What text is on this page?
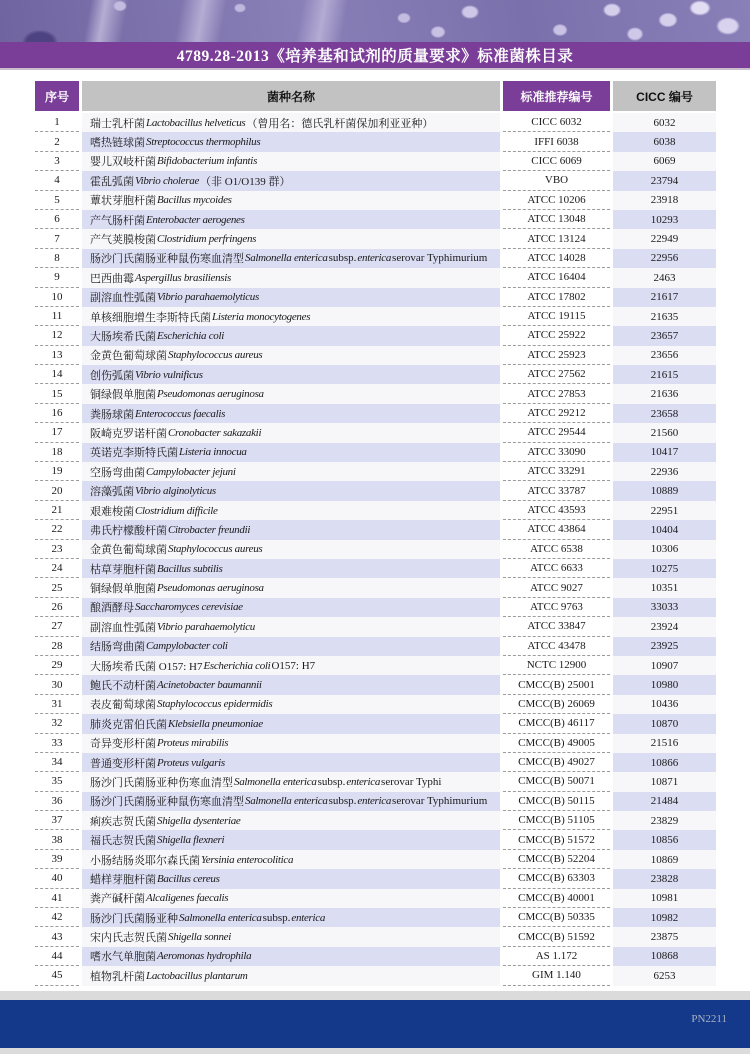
4789.28-2013《培养基和试剂的质量要求》标准菌株目录
序号	菌种名称	标准推荐编号	CICC 编号
1	瑞士乳杆菌 Lactobacillus helveticus （曾用名：德氏乳杆菌保加利亚亚种）	CICC 6032	6032
2	嗜热链球菌 Streptococcus thermophilus	IFFI 6038	6038
3	婴儿双岐杆菌 Bifidobacterium infantis	CICC 6069	6069
4	霍乱弧菌 Vibrio cholerae （非 O1/O139 群）	VBO	23794
5	蕈状芽胞杆菌 Bacillus mycoides	ATCC 10206	23918
6	产气肠杆菌 Enterobacter aerogenes	ATCC 13048	10293
7	产气荚膜梭菌 Clostridium perfringens	ATCC 13124	22949
8	肠沙门氏菌肠亚种鼠伤寒血清型 Salmonella enterica subsp. enterica serovar Typhimurium	ATCC 14028	22956
9	巴西曲霉 Aspergillus brasiliensis	ATCC 16404	2463
10	副溶血性弧菌 Vibrio parahaemolyticus	ATCC 17802	21617
11	单核细胞增生李斯特氏菌 Listeria monocytogenes	ATCC 19115	21635
12	大肠埃希氏菌 Escherichia coli	ATCC 25922	23657
13	金黄色葡萄球菌 Staphylococcus aureus	ATCC 25923	23656
14	创伤弧菌 Vibrio vulnificus	ATCC 27562	21615
15	铜绿假单胞菌 Pseudomonas aeruginosa	ATCC 27853	21636
16	粪肠球菌 Enterococcus faecalis	ATCC 29212	23658
17	阪崎克罗诺杆菌 Cronobacter sakazakii	ATCC 29544	21560
18	英诺克李斯特氏菌 Listeria innocua	ATCC 33090	10417
19	空肠弯曲菌 Campylobacter jejuni	ATCC 33291	22936
20	溶藻弧菌 Vibrio alginolyticus	ATCC 33787	10889
21	艰难梭菌 Clostridium difficile	ATCC 43593	22951
22	弗氏柠檬酸杆菌 Citrobacter freundii	ATCC 43864	10404
23	金黄色葡萄球菌 Staphylococcus aureus	ATCC 6538	10306
24	枯草芽胞杆菌 Bacillus subtilis	ATCC 6633	10275
25	铜绿假单胞菌 Pseudomonas aeruginosa	ATCC 9027	10351
26	酿酒酵母 Saccharomyces cerevisiae	ATCC 9763	33033
27	副溶血性弧菌 Vibrio parahaemolyticu	ATCC 33847	23924
28	结肠弯曲菌 Campylobacter coli	ATCC 43478	23925
29	大肠埃希氏菌 O157: H7 Escherichia coli O157: H7	NCTC 12900	10907
30	鲍氏不动杆菌 Acinetobacter baumannii	CMCC(B) 25001	10980
31	表皮葡萄球菌 Staphylococcus epidermidis	CMCC(B) 26069	10436
32	肺炎克雷伯氏菌 Klebsiella pneumoniae	CMCC(B) 46117	10870
33	奇异变形杆菌 Proteus mirabilis	CMCC(B) 49005	21516
34	普通变形杆菌 Proteus vulgaris	CMCC(B) 49027	10866
35	肠沙门氏菌肠亚种伤寒血清型 Salmonella enterica subsp. enterica serovar Typhi	CMCC(B) 50071	10871
36	肠沙门氏菌肠亚种鼠伤寒血清型 Salmonella enterica subsp. enterica serovar Typhimurium	CMCC(B) 50115	21484
37	痢疾志贺氏菌 Shigella dysenteriae	CMCC(B) 51105	23829
38	福氏志贺氏菌 Shigella flexneri	CMCC(B) 51572	10856
39	小肠结肠炎耶尔森氏菌 Yersinia enterocolitica	CMCC(B) 52204	10869
40	蜡样芽胞杆菌 Bacillus cereus	CMCC(B) 63303	23828
41	粪产碱杆菌 Alcaligenes faecalis	CMCC(B) 40001	10981
42	肠沙门氏菌肠亚种 Salmonella enterica subsp. enterica	CMCC(B) 50335	10982
43	宋内氏志贺氏菌 Shigella sonnei	CMCC(B) 51592	23875
44	嗜水气单胞菌 Aeromonas hydrophila	AS 1.172	10868
45	植物乳杆菌 Lactobacillus plantarum	GIM 1.140	6253
PN2211
